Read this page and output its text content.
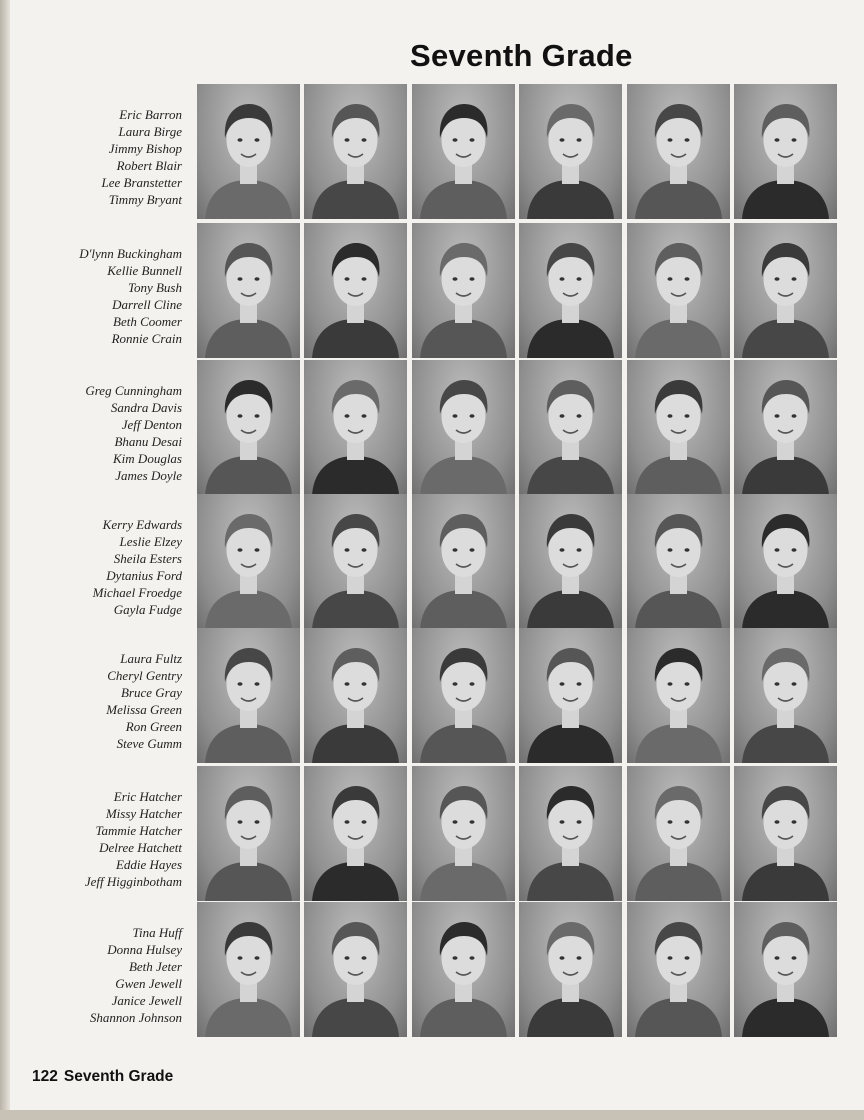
Seventh Grade
Eric Barron
Laura Birge
Jimmy Bishop
Robert Blair
Lee Branstetter
Timmy Bryant
D'lynn Buckingham
Kellie Bunnell
Tony Bush
Darrell Cline
Beth Coomer
Ronnie Crain
Greg Cunningham
Sandra Davis
Jeff Denton
Bhanu Desai
Kim Douglas
James Doyle
Kerry Edwards
Leslie Elzey
Sheila Esters
Dytanius Ford
Michael Froedge
Gayla Fudge
Laura Fultz
Cheryl Gentry
Bruce Gray
Melissa Green
Ron Green
Steve Gumm
Eric Hatcher
Missy Hatcher
Tammie Hatcher
Delree Hatchett
Eddie Hayes
Jeff Higginbotham
Tina Huff
Donna Hulsey
Beth Jeter
Gwen Jewell
Janice Jewell
Shannon Johnson
122 Seventh Grade
